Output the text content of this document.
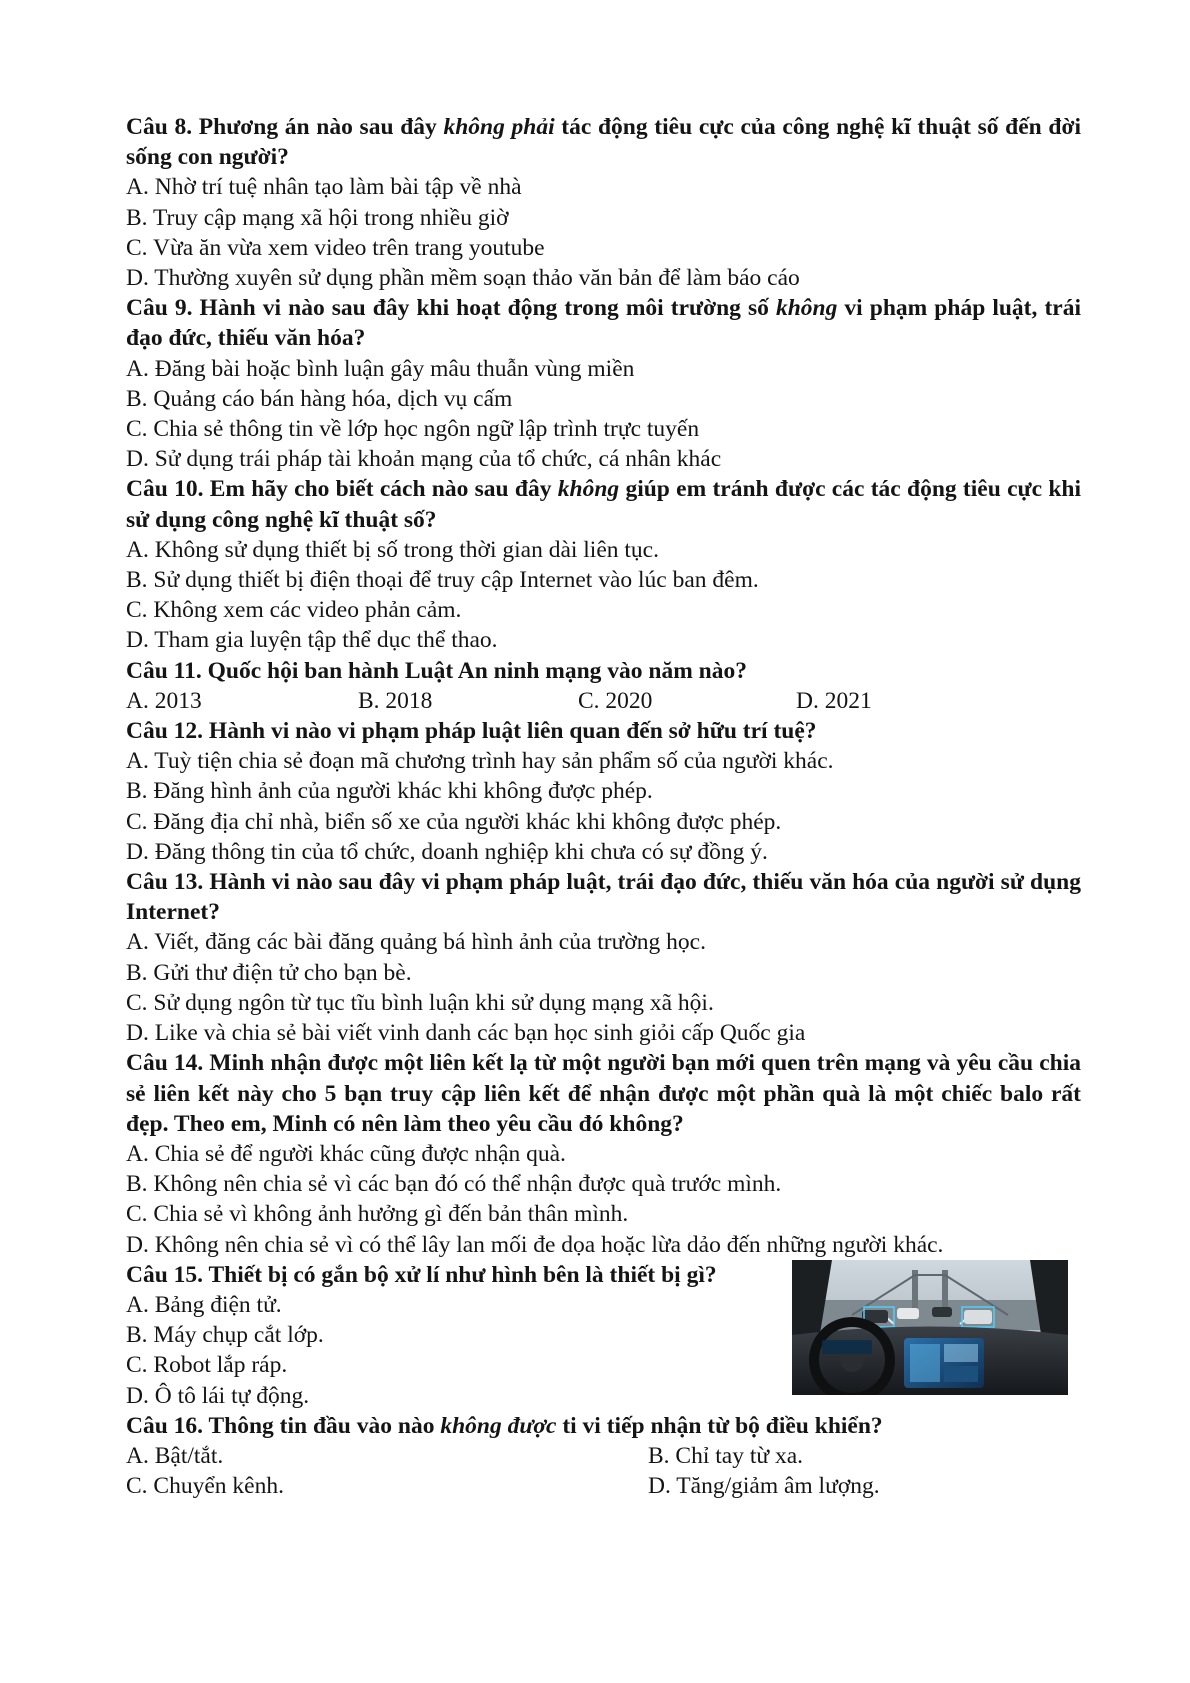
Câu 8. Phương án nào sau đây không phải tác động tiêu cực của công nghệ kĩ thuật số đến đời sống con người?
A. Nhờ trí tuệ nhân tạo làm bài tập về nhà
B. Truy cập mạng xã hội trong nhiều giờ
C. Vừa ăn vừa xem video trên trang youtube
D. Thường xuyên sử dụng phần mềm soạn thảo văn bản để làm báo cáo
Câu 9. Hành vi nào sau đây khi hoạt động trong môi trường số không vi phạm pháp luật, trái đạo đức, thiếu văn hóa?
A. Đăng bài hoặc bình luận gây mâu thuẫn vùng miền
B. Quảng cáo bán hàng hóa, dịch vụ cấm
C. Chia sẻ thông tin về lớp học ngôn ngữ lập trình trực tuyến
D. Sử dụng trái pháp tài khoản mạng của tổ chức, cá nhân khác
Câu 10. Em hãy cho biết cách nào sau đây không giúp em tránh được các tác động tiêu cực khi sử dụng công nghệ kĩ thuật số?
A. Không sử dụng thiết bị số trong thời gian dài liên tục.
B. Sử dụng thiết bị điện thoại để truy cập Internet vào lúc ban đêm.
C. Không xem các video phản cảm.
D. Tham gia luyện tập thể dục thể thao.
Câu 11. Quốc hội ban hành Luật An ninh mạng vào năm nào?
A. 2013	B. 2018	C. 2020	D. 2021
Câu 12. Hành vi nào vi phạm pháp luật liên quan đến sở hữu trí tuệ?
A. Tuỳ tiện chia sẻ đoạn mã chương trình hay sản phẩm số của người khác.
B. Đăng hình ảnh của người khác khi không được phép.
C. Đăng địa chỉ nhà, biển số xe của người khác khi không được phép.
D. Đăng thông tin của tổ chức, doanh nghiệp khi chưa có sự đồng ý.
Câu 13. Hành vi nào sau đây vi phạm pháp luật, trái đạo đức, thiếu văn hóa của người sử dụng Internet?
A. Viết, đăng các bài đăng quảng bá hình ảnh của trường học.
B. Gửi thư điện tử cho bạn bè.
C. Sử dụng ngôn từ tục tĩu bình luận khi sử dụng mạng xã hội.
D. Like và chia sẻ bài viết vinh danh các bạn học sinh giỏi cấp Quốc gia
Câu 14. Minh nhận được một liên kết lạ từ một người bạn mới quen trên mạng và yêu cầu chia sẻ liên kết này cho 5 bạn truy cập liên kết để nhận được một phần quà là một chiếc balo rất đẹp. Theo em, Minh có nên làm theo yêu cầu đó không?
A. Chia sẻ để người khác cũng được nhận quà.
B. Không nên chia sẻ vì các bạn đó có thể nhận được quà trước mình.
C. Chia sẻ vì không ảnh hưởng gì đến bản thân mình.
D. Không nên chia sẻ vì có thể lây lan mối đe dọa hoặc lừa dảo đến những người khác.
Câu 15. Thiết bị có gắn bộ xử lí như hình bên là thiết bị gì?
A. Bảng điện tử.
B. Máy chụp cắt lớp.
C. Robot lắp ráp.
D. Ô tô lái tự động.
Câu 16. Thông tin đầu vào nào không được ti vi tiếp nhận từ bộ điều khiển?
A. Bật/tắt.	B. Chỉ tay từ xa.
C. Chuyển kênh.	D. Tăng/giảm âm lượng.
